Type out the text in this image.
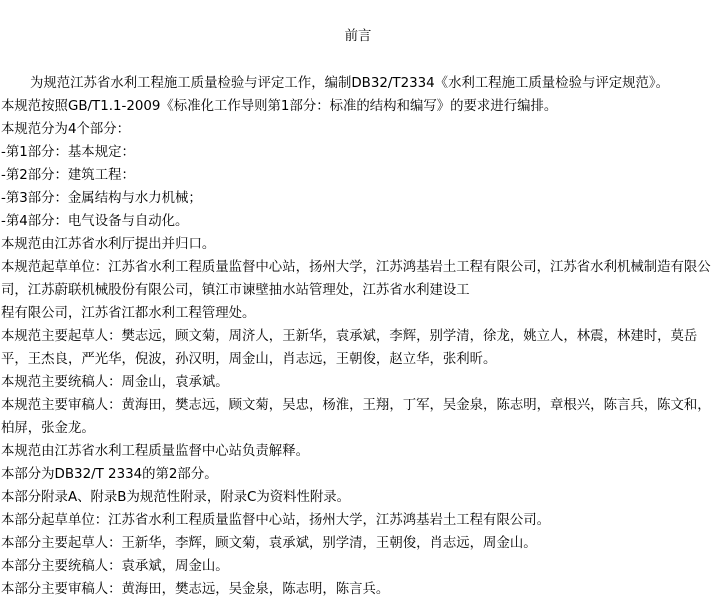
前言

为规范江苏省水利工程施工质量检验与评定工作，编制DB32/T2334《水利工程施工质量检验与评定规范》。

本规范按照GB/T1.1-2009《标准化工作导则第1部分：标准的结构和编写》的要求进行编排。

本规范分为4个部分：

-第1部分：基本规定：

-第2部分：建筑工程：

-第3部分：金属结构与水力机械；

-第4部分：电气设备与自动化。

本规范由江苏省水利厅提出并归口。

本规范起草单位：江苏省水利工程质量监督中心站，扬州大学，江苏鸿基岩土工程有限公司，江苏省水利机械制造有限公司，江苏蔚联机械股份有限公司，镇江市谏壁抽水站管理处，江苏省水利建设工

程有限公司，江苏省江都水利工程管理处。

本规范主要起草人：樊志远，顾文菊，周济人，王新华，袁承斌，李辉，别学清，徐龙，姚立人，林震，林建时，莫岳平，王杰良，严光华，倪波，孙汉明，周金山，肖志远，王朝俊，赵立华，张利昕。

本规范主要统稿人：周金山，袁承斌。

本规范主要审稿人：黄海田，樊志远，顾文菊，吴忠，杨淮，王翔，丁军，吴金泉，陈志明，章根兴，陈言兵，陈文和，柏屏，张金龙。

本规范由江苏省水利工程质量监督中心站负责解释。

本部分为DB32/T 2334的第2部分。

本部分附录A、附录B为规范性附录，附录C为资料性附录。

本部分起草单位：江苏省水利工程质量监督中心站，扬州大学，江苏鸿基岩土工程有限公司。

本部分主要起草人：王新华，李辉，顾文菊，袁承斌，别学清，王朝俊，肖志远，周金山。

本部分主要统稿人：袁承斌，周金山。

本部分主要审稿人：黄海田，樊志远，吴金泉，陈志明，陈言兵。
